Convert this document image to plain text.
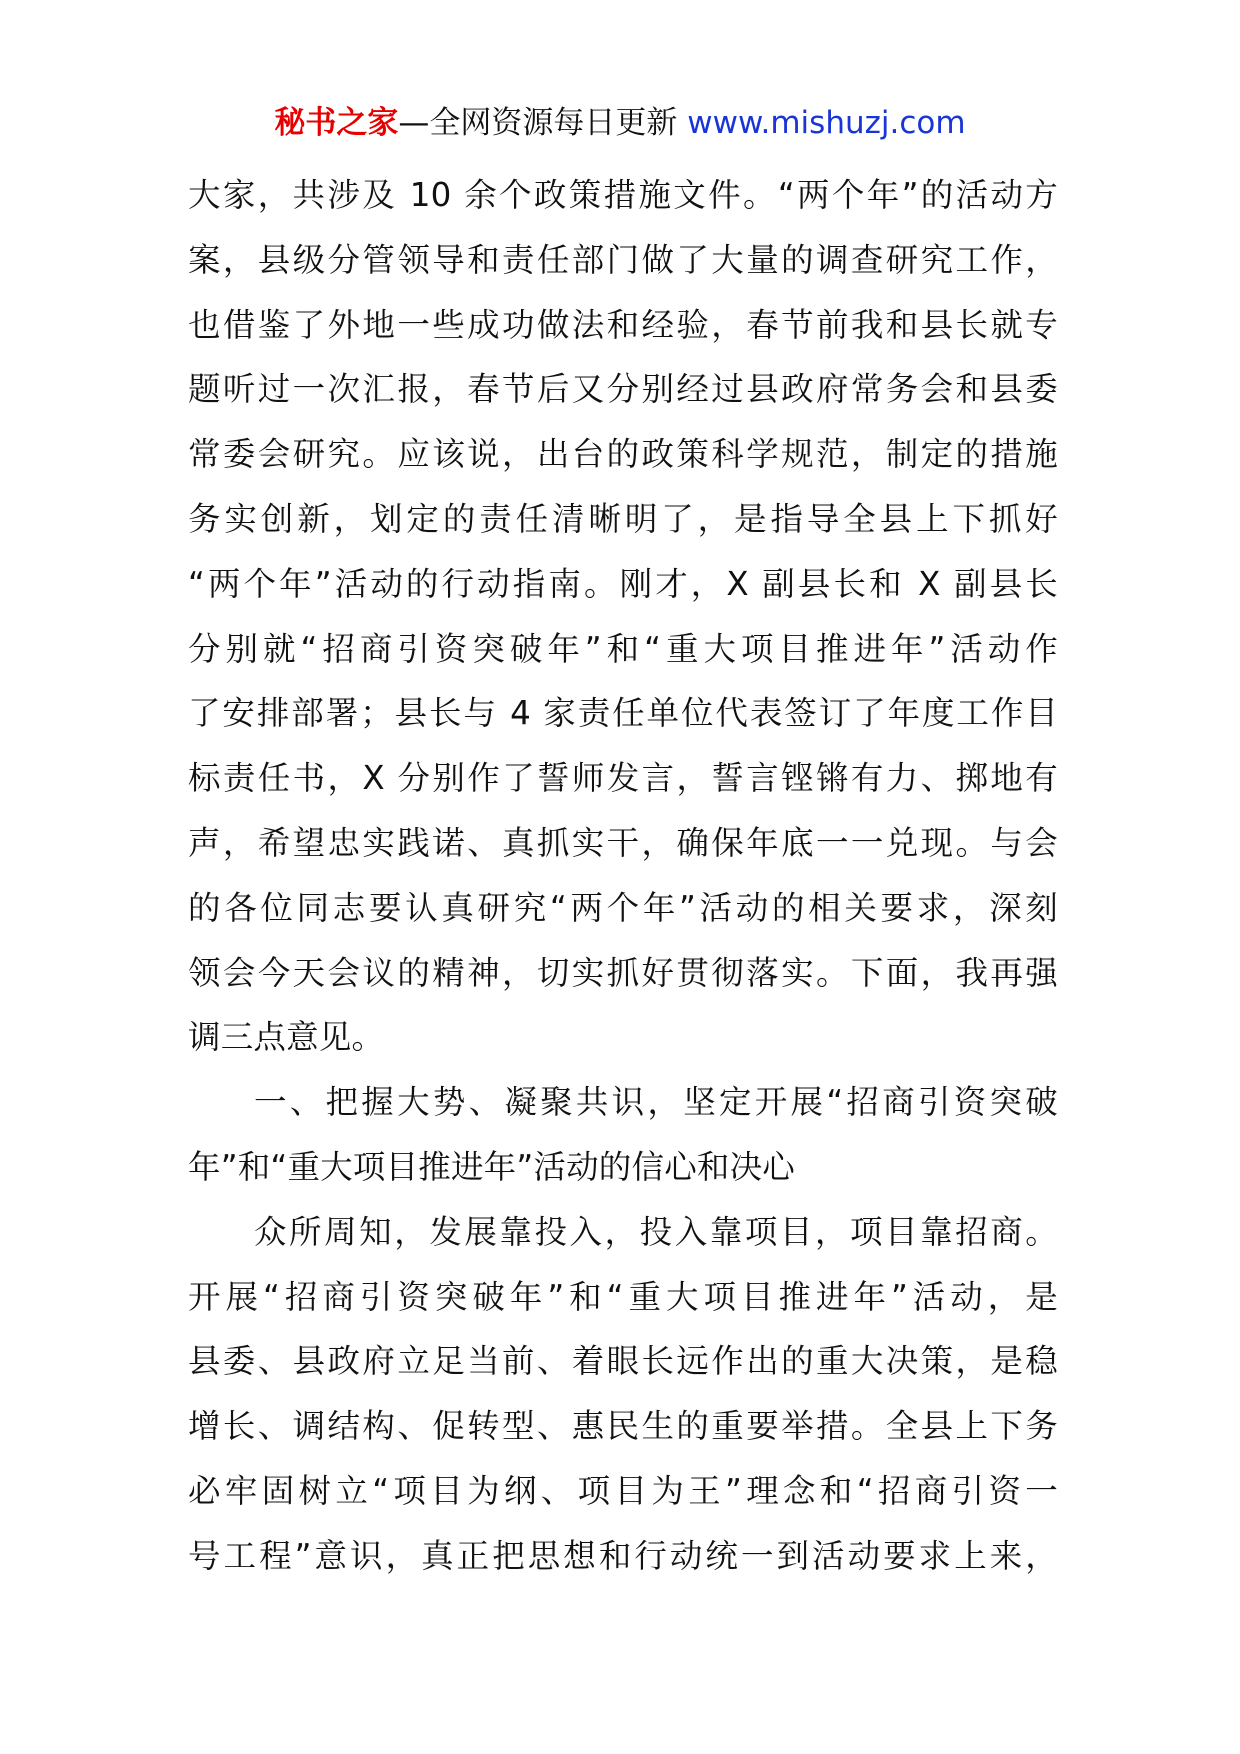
秘书之家—全网资源每日更新 www.mishuzj.com
大家，共涉及 10 余个政策措施文件。“两个年”的活动方
案，县级分管领导和责任部门做了大量的调查研究工作，
也借鉴了外地一些成功做法和经验，春节前我和县长就专
题听过一次汇报，春节后又分别经过县政府常务会和县委
常委会研究。应该说，出台的政策科学规范，制定的措施
务实创新，划定的责任清晰明了，是指导全县上下抓好
“两个年”活动的行动指南。刚才，X 副县长和 X 副县长
分别就“招商引资突破年”和“重大项目推进年”活动作
了安排部署；县长与 4 家责任单位代表签订了年度工作目
标责任书，X 分别作了誓师发言，誓言铿锵有力、掷地有
声，希望忠实践诺、真抓实干，确保年底一一兑现。与会
的各位同志要认真研究“两个年”活动的相关要求，深刻
领会今天会议的精神，切实抓好贯彻落实。下面，我再强
调三点意见。
一、把握大势、凝聚共识，坚定开展“招商引资突破
年”和“重大项目推进年”活动的信心和决心
众所周知，发展靠投入，投入靠项目，项目靠招商。
开展“招商引资突破年”和“重大项目推进年”活动，是
县委、县政府立足当前、着眼长远作出的重大决策，是稳
增长、调结构、促转型、惠民生的重要举措。全县上下务
必牢固树立“项目为纲、项目为王”理念和“招商引资一
号工程”意识，真正把思想和行动统一到活动要求上来，
